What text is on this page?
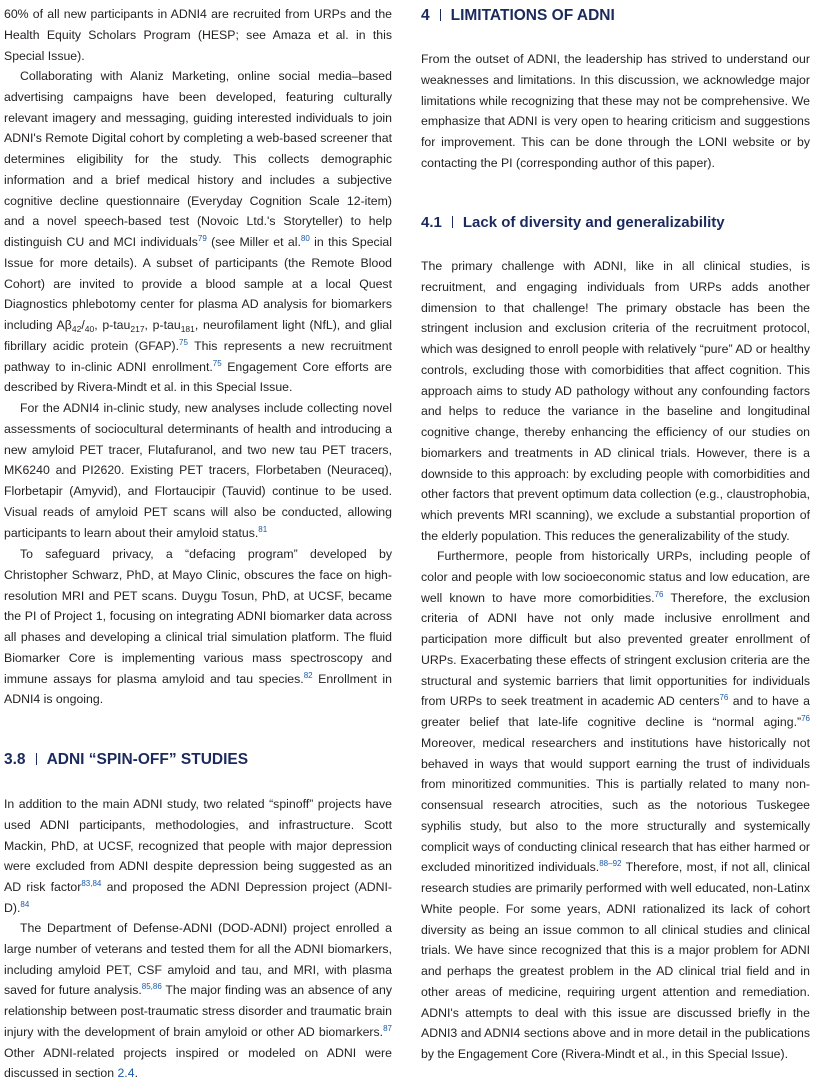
60% of all new participants in ADNI4 are recruited from URPs and the Health Equity Scholars Program (HESP; see Amaza et al. in this Special Issue).

Collaborating with Alaniz Marketing, online social media–based advertising campaigns have been developed, featuring culturally relevant imagery and messaging, guiding interested individuals to join ADNI's Remote Digital cohort by completing a web-based screener that determines eligibility for the study. This collects demographic information and a brief medical history and includes a subjective cognitive decline questionnaire (Everyday Cognition Scale 12-item) and a novel speech-based test (Novoic Ltd.'s Storyteller) to help distinguish CU and MCI individuals$^{79}$ (see Miller et al.$^{80}$ in this Special Issue for more details). A subset of participants (the Remote Blood Cohort) are invited to provide a blood sample at a local Quest Diagnostics phlebotomy center for plasma AD analysis for biomarkers including $A\beta_{42}/_{40}$, p-tau$_{217}$, p-tau$_{181}$, neurofilament light (NfL), and glial fibrillary acidic protein (GFAP).$^{75}$ This represents a new recruitment pathway to in-clinic ADNI enrollment.$^{75}$ Engagement Core efforts are described by Rivera-Mindt et al. in this Special Issue.

For the ADNI4 in-clinic study, new analyses include collecting novel assessments of sociocultural determinants of health and introducing a new amyloid PET tracer, Flutafuranol, and two new tau PET tracers, MK6240 and PI2620. Existing PET tracers, Florbetaben (Neuraceq), Florbetapir (Amyvid), and Flortaucipir (Tauvid) continue to be used. Visual reads of amyloid PET scans will also be conducted, allowing participants to learn about their amyloid status.$^{81}$

To safeguard privacy, a “defacing program” developed by Christopher Schwarz, PhD, at Mayo Clinic, obscures the face on high-resolution MRI and PET scans. Duygu Tosun, PhD, at UCSF, became the PI of Project 1, focusing on integrating ADNI biomarker data across all phases and developing a clinical trial simulation platform. The fluid Biomarker Core is implementing various mass spectroscopy and immune assays for plasma amyloid and tau species.$^{82}$ Enrollment in ADNI4 is ongoing.

3.8 ADNI “SPIN-OFF” STUDIES

In addition to the main ADNI study, two related “spinoff” projects have used ADNI participants, methodologies, and infrastructure. Scott Mackin, PhD, at UCSF, recognized that people with major depression were excluded from ADNI despite depression being suggested as an AD risk factor$^{83,84}$ and proposed the ADNI Depression project (ADNI-D).$^{84}$

The Department of Defense-ADNI (DOD-ADNI) project enrolled a large number of veterans and tested them for all the ADNI biomarkers, including amyloid PET, CSF amyloid and tau, and MRI, with plasma saved for future analysis.$^{85,86}$ The major finding was an absence of any relationship between post-traumatic stress disorder and traumatic brain injury with the development of brain amyloid or other AD biomarkers.$^{87}$ Other ADNI-related projects inspired or modeled on ADNI were discussed in section 2.4.

4 LIMITATIONS OF ADNI

From the outset of ADNI, the leadership has strived to understand our weaknesses and limitations. In this discussion, we acknowledge major limitations while recognizing that these may not be comprehensive. We emphasize that ADNI is very open to hearing criticism and suggestions for improvement. This can be done through the LONI website or by contacting the PI (corresponding author of this paper).

4.1 Lack of diversity and generalizability

The primary challenge with ADNI, like in all clinical studies, is recruitment, and engaging individuals from URPs adds another dimension to that challenge! The primary obstacle has been the stringent inclusion and exclusion criteria of the recruitment protocol, which was designed to enroll people with relatively “pure” AD or healthy controls, excluding those with comorbidities that affect cognition. This approach aims to study AD pathology without any confounding factors and helps to reduce the variance in the baseline and longitudinal cognitive change, thereby enhancing the efficiency of our studies on biomarkers and treatments in AD clinical trials. However, there is a downside to this approach: by excluding people with comorbidities and other factors that prevent optimum data collection (e.g., claustrophobia, which prevents MRI scanning), we exclude a substantial proportion of the elderly population. This reduces the generalizability of the study.

Furthermore, people from historically URPs, including people of color and people with low socioeconomic status and low education, are well known to have more comorbidities.$^{76}$ Therefore, the exclusion criteria of ADNI have not only made inclusive enrollment and participation more difficult but also prevented greater enrollment of URPs. Exacerbating these effects of stringent exclusion criteria are the structural and systemic barriers that limit opportunities for individuals from URPs to seek treatment in academic AD centers$^{76}$ and to have a greater belief that late-life cognitive decline is “normal aging.”$^{76}$ Moreover, medical researchers and institutions have historically not behaved in ways that would support earning the trust of individuals from minoritized communities. This is partially related to many non-consensual research atrocities, such as the notorious Tuskegee syphilis study, but also to the more structurally and systemically complicit ways of conducting clinical research that has either harmed or excluded minoritized individuals.$^{88-92}$ Therefore, most, if not all, clinical research studies are primarily performed with well educated, non-Latinx White people. For some years, ADNI rationalized its lack of cohort diversity as being an issue common to all clinical studies and clinical trials. We have since recognized that this is a major problem for ADNI and perhaps the greatest problem in the AD clinical trial field and in other areas of medicine, requiring urgent attention and remediation. ADNI's attempts to deal with this issue are discussed briefly in the ADNI3 and ADNI4 sections above and in more detail in the publications by the Engagement Core (Rivera-Mindt et al., in this Special Issue).
